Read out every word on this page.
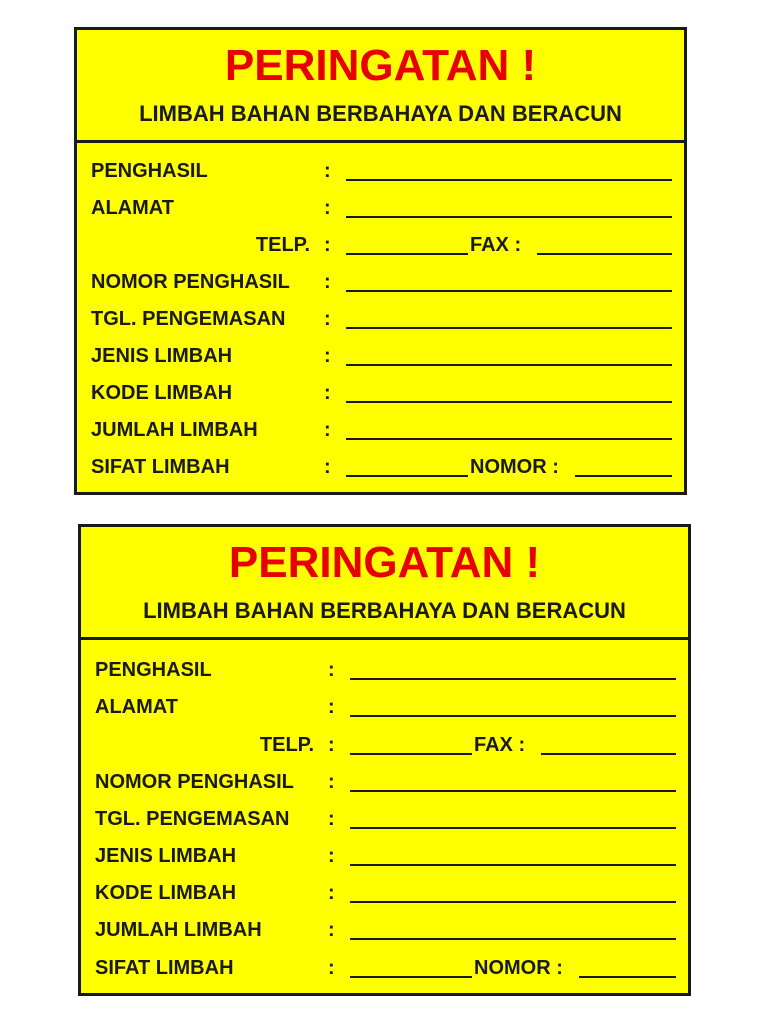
PERINGATAN !
LIMBAH BAHAN BERBAHAYA DAN BERACUN
PENGHASIL	:
ALAMAT	:
TELP. :	FAX :
NOMOR PENGHASIL :
TGL. PENGEMASAN :
JENIS LIMBAH	:
KODE LIMBAH	:
JUMLAH LIMBAH	:
SIFAT LIMBAH	:	NOMOR :
PERINGATAN !
LIMBAH BAHAN BERBAHAYA DAN BERACUN
PENGHASIL	:
ALAMAT	:
TELP. :	FAX :
NOMOR PENGHASIL :
TGL. PENGEMASAN :
JENIS LIMBAH	:
KODE LIMBAH	:
JUMLAH LIMBAH	:
SIFAT LIMBAH	:	NOMOR :
